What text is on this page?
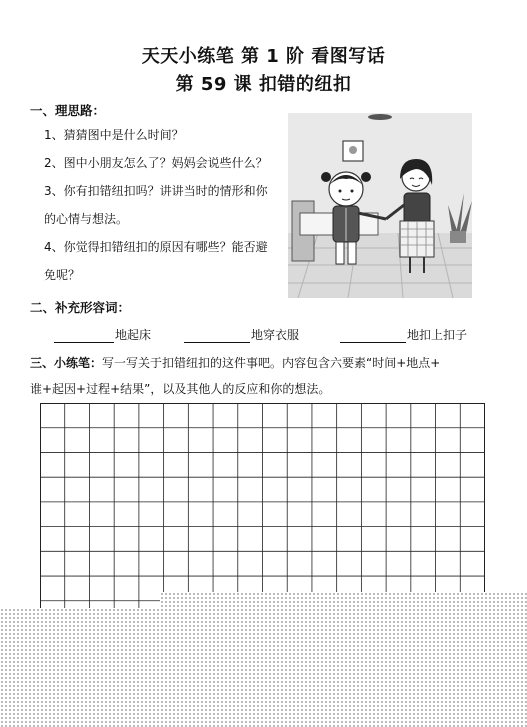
天天小练笔 第 1 阶 看图写话
第 59 课 扣错的纽扣
一、理思路：
1、猜猜图中是什么时间？
2、图中小朋友怎么了？妈妈会说些什么？
3、你有扣错纽扣吗？讲讲当时的情形和你
的心情与想法。
4、你觉得扣错纽扣的原因有哪些？能否避
免呢？
二、补充形容词：
地起床	地穿衣服	地扣上扣子
三、小练笔：写一写关于扣错纽扣的这件事吧。内容包含六要素“时间+地点+
谁+起因+过程+结果”，以及其他人的反应和你的想法。
